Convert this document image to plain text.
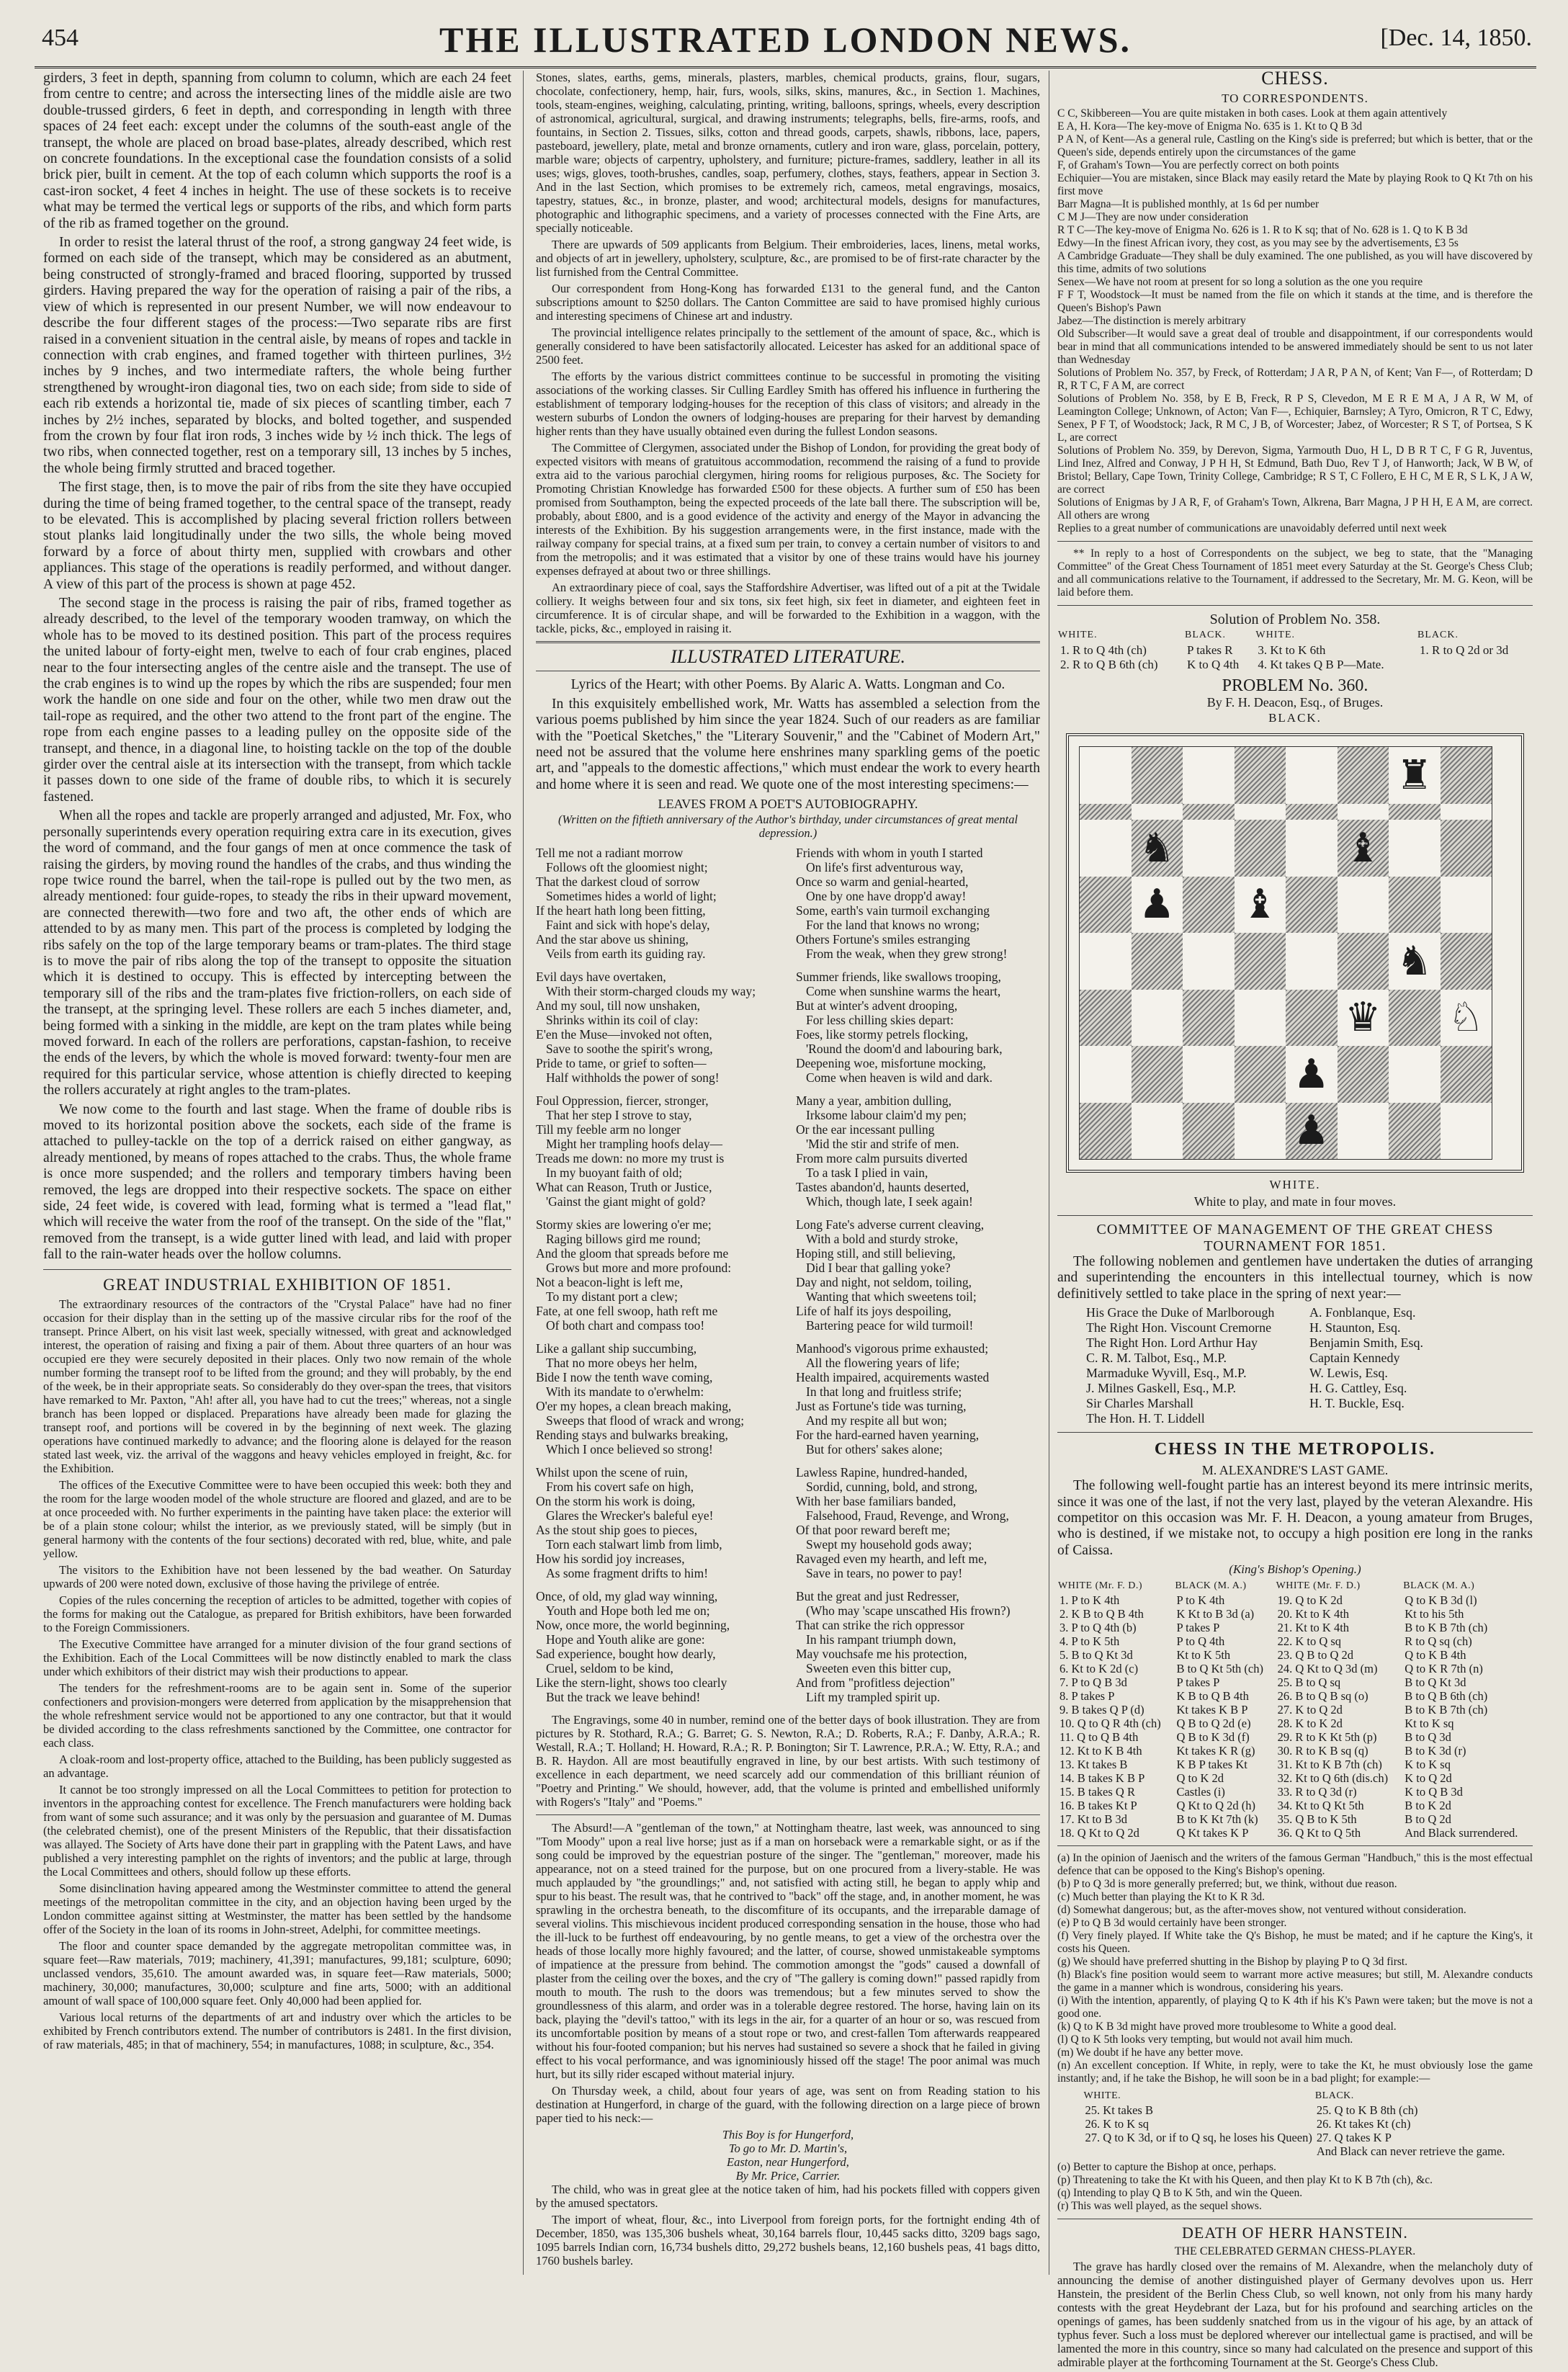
454	THE ILLUSTRATED LONDON NEWS.	[Dec. 14, 1850.

girders, 3 feet in depth, spanning from column to column, which are each 24 feet from centre to centre; and across the intersecting lines of the middle aisle are two double-trussed girders, 6 feet in depth, and corresponding in length with three spaces of 24 feet each: except under the columns of the south-east angle of the transept, the whole are placed on broad base-plates, already described, which rest on concrete foundations. In the exceptional case the foundation consists of a solid brick pier, built in cement. At the top of each column which supports the roof is a cast-iron socket, 4 feet 4 inches in height. The use of these sockets is to receive what may be termed the vertical legs or supports of the ribs, and which form parts of the rib as framed together on the ground.

In order to resist the lateral thrust of the roof, a strong gangway 24 feet wide, is formed on each side of the transept, which may be considered as an abutment, being constructed of strongly-framed and braced flooring, supported by trussed girders. Having prepared the way for the operation of raising a pair of the ribs, a view of which is represented in our present Number, we will now endeavour to describe the four different stages of the process:—Two separate ribs are first raised in a convenient situation in the central aisle, by means of ropes and tackle in connection with crab engines, and framed together with thirteen purlines, 3½ inches by 9 inches, and two intermediate rafters, the whole being further strengthened by wrought-iron diagonal ties, two on each side; from side to side of each rib extends a horizontal tie, made of six pieces of scantling timber, each 7 inches by 2½ inches, separated by blocks, and bolted together, and suspended from the crown by four flat iron rods, 3 inches wide by ½ inch thick. The legs of two ribs, when connected together, rest on a temporary sill, 13 inches by 5 inches, the whole being firmly strutted and braced together.

The first stage, then, is to move the pair of ribs from the site they have occupied during the time of being framed together, to the central space of the transept, ready to be elevated. This is accomplished by placing several friction rollers between stout planks laid longitudinally under the two sills, the whole being moved forward by a force of about thirty men, supplied with crowbars and other appliances. This stage of the operations is readily performed, and without danger. A view of this part of the process is shown at page 452.

The second stage in the process is raising the pair of ribs, framed together as already described, to the level of the temporary wooden tramway, on which the whole has to be moved to its destined position. This part of the process requires the united labour of forty-eight men, twelve to each of four crab engines, placed near to the four intersecting angles of the centre aisle and the transept. The use of the crab engines is to wind up the ropes by which the ribs are suspended; four men work the handle on one side and four on the other, while two men draw out the tail-rope as required, and the other two attend to the front part of the engine. The rope from each engine passes to a leading pulley on the opposite side of the transept, and thence, in a diagonal line, to hoisting tackle on the top of the double girder over the central aisle at its intersection with the transept, from which tackle it passes down to one side of the frame of double ribs, to which it is securely fastened.

When all the ropes and tackle are properly arranged and adjusted, Mr. Fox, who personally superintends every operation requiring extra care in its execution, gives the word of command, and the four gangs of men at once commence the task of raising the girders, by moving round the handles of the crabs, and thus winding the rope twice round the barrel, when the tail-rope is pulled out by the two men, as already mentioned: four guide-ropes, to steady the ribs in their upward movement, are connected therewith—two fore and two aft, the other ends of which are attended to by as many men. This part of the process is completed by lodging the ribs safely on the top of the large temporary beams or tram-plates. The third stage is to move the pair of ribs along the top of the transept to opposite the situation which it is destined to occupy. This is effected by intercepting between the temporary sill of the ribs and the tram-plates five friction-rollers, on each side of the transept, at the springing level. These rollers are each 5 inches diameter, and, being formed with a sinking in the middle, are kept on the tram plates while being moved forward. In each of the rollers are perforations, capstan-fashion, to receive the ends of the levers, by which the whole is moved forward: twenty-four men are required for this particular service, whose attention is chiefly directed to keeping the rollers accurately at right angles to the tram-plates.

We now come to the fourth and last stage. When the frame of double ribs is moved to its horizontal position above the sockets, each side of the frame is attached to pulley-tackle on the top of a derrick raised on either gangway, as already mentioned, by means of ropes attached to the crabs. Thus, the whole frame is once more suspended; and the rollers and temporary timbers having been removed, the legs are dropped into their respective sockets. The space on either side, 24 feet wide, is covered with lead, forming what is termed a "lead flat," which will receive the water from the roof of the transept. On the side of the "flat," removed from the transept, is a wide gutter lined with lead, and laid with proper fall to the rain-water heads over the hollow columns.

GREAT INDUSTRIAL EXHIBITION OF 1851.

The extraordinary resources of the contractors of the "Crystal Palace" have had no finer occasion for their display than in the setting up of the massive circular ribs for the roof of the transept. Prince Albert, on his visit last week, specially witnessed, with great and acknowledged interest, the operation of raising and fixing a pair of them. About three quarters of an hour was occupied ere they were securely deposited in their places. Only two now remain of the whole number forming the transept roof to be lifted from the ground; and they will probably, by the end of the week, be in their appropriate seats. So considerably do they over-span the trees, that visitors have remarked to Mr. Paxton, "Ah! after all, you have had to cut the trees;" whereas, not a single branch has been lopped or displaced. Preparations have already been made for glazing the transept roof, and portions will be covered in by the beginning of next week. The glazing operations have continued markedly to advance; and the flooring alone is delayed for the reason stated last week, viz. the arrival of the waggons and heavy vehicles employed in freight, &c. for the Exhibition.

The offices of the Executive Committee were to have been occupied this week: both they and the room for the large wooden model of the whole structure are floored and glazed, and are to be at once proceeded with. No further experiments in the painting have taken place: the exterior will be of a plain stone colour; whilst the interior, as we previously stated, will be simply (but in general harmony with the contents of the four sections) decorated with red, blue, white, and pale yellow.

The visitors to the Exhibition have not been lessened by the bad weather. On Saturday upwards of 200 were noted down, exclusive of those having the privilege of entrée.

Copies of the rules concerning the reception of articles to be admitted, together with copies of the forms for making out the Catalogue, as prepared for British exhibitors, have been forwarded to the Foreign Commissioners.

The Executive Committee have arranged for a minuter division of the four grand sections of the Exhibition. Each of the Local Committees will be now distinctly enabled to mark the class under which exhibitors of their district may wish their productions to appear.

The tenders for the refreshment-rooms are to be again sent in. Some of the superior confectioners and provision-mongers were deterred from application by the misapprehension that the whole refreshment service would not be apportioned to any one contractor, but that it would be divided according to the class refreshments sanctioned by the Committee, one contractor for each class.

A cloak-room and lost-property office, attached to the Building, has been publicly suggested as an advantage.

It cannot be too strongly impressed on all the Local Committees to petition for protection to inventors in the approaching contest for excellence. The French manufacturers were holding back from want of some such assurance; and it was only by the persuasion and guarantee of M. Dumas (the celebrated chemist), one of the present Ministers of the Republic, that their dissatisfaction was allayed. The Society of Arts have done their part in grappling with the Patent Laws, and have published a very interesting pamphlet on the rights of inventors; and the public at large, through the Local Committees and others, should follow up these efforts.

Some disinclination having appeared among the Westminster committee to attend the general meetings of the metropolitan committee in the city, and an objection having been urged by the London committee against sitting at Westminster, the matter has been settled by the handsome offer of the Society in the loan of its rooms in John-street, Adelphi, for committee meetings.

The floor and counter space demanded by the aggregate metropolitan committee was, in square feet—Raw materials, 7019; machinery, 41,391; manufactures, 99,181; sculpture, 6090; unclassed vendors, 35,610. The amount awarded was, in square feet—Raw materials, 5000; machinery, 30,000; manufactures, 30,000; sculpture and fine arts, 5000; with an additional amount of wall space of 100,000 square feet. Only 40,000 had been applied for.

Various local returns of the departments of art and industry over which the articles to be exhibited by French contributors extend. The number of contributors is 2481. In the first division, of raw materials, 485; in that of machinery, 554; in manufactures, 1088; in sculpture, &c., 354.

Stones, slates, earths, gems, minerals, plasters, marbles, chemical products, grains, flour, sugars, chocolate, confectionery, hemp, hair, furs, wools, silks, skins, manures, &c., in Section 1. Machines, tools, steam-engines, weighing, calculating, printing, writing, balloons, springs, wheels, every description of astronomical, agricultural, surgical, and drawing instruments; telegraphs, bells, fire-arms, roofs, and fountains, in Section 2. Tissues, silks, cotton and thread goods, carpets, shawls, ribbons, lace, papers, pasteboard, jewellery, plate, metal and bronze ornaments, cutlery and iron ware, glass, porcelain, pottery, marble ware; objects of carpentry, upholstery, and furniture; picture-frames, saddlery, leather in all its uses; wigs, gloves, tooth-brushes, candles, soap, perfumery, clothes, stays, feathers, appear in Section 3. And in the last Section, which promises to be extremely rich, cameos, metal engravings, mosaics, tapestry, statues, &c., in bronze, plaster, and wood; architectural models, designs for manufactures, photographic and lithographic specimens, and a variety of processes connected with the Fine Arts, are specially noticeable.

There are upwards of 509 applicants from Belgium. Their embroideries, laces, linens, metal works, and objects of art in jewellery, upholstery, sculpture, &c., are promised to be of first-rate character by the list furnished from the Central Committee.

Our correspondent from Hong-Kong has forwarded £131 to the general fund, and the Canton subscriptions amount to $250 dollars. The Canton Committee are said to have promised highly curious and interesting specimens of Chinese art and industry.

The provincial intelligence relates principally to the settlement of the amount of space, &c., which is generally considered to have been satisfactorily allocated. Leicester has asked for an additional space of 2500 feet.

The efforts by the various district committees continue to be successful in promoting the visiting associations of the working classes. Sir Culling Eardley Smith has offered his influence in furthering the establishment of temporary lodging-houses for the reception of this class of visitors; and already in the western suburbs of London the owners of lodging-houses are preparing for their harvest by demanding higher rents than they have usually obtained even during the fullest London seasons.

The Committee of Clergymen, associated under the Bishop of London, for providing the great body of expected visitors with means of gratuitous accommodation, recommend the raising of a fund to provide extra aid to the various parochial clergymen, hiring rooms for religious purposes, &c. The Society for Promoting Christian Knowledge has forwarded £500 for these objects. A further sum of £50 has been promised from Southampton, being the expected proceeds of the late ball there. The subscription will be, probably, about £800, and is a good evidence of the activity and energy of the Mayor in advancing the interests of the Exhibition. By his suggestion arrangements were, in the first instance, made with the railway company for special trains, at a fixed sum per train, to convey a certain number of visitors to and from the metropolis; and it was estimated that a visitor by one of these trains would have his journey expenses defrayed at about two or three shillings.

An extraordinary piece of coal, says the Staffordshire Advertiser, was lifted out of a pit at the Twidale colliery. It weighs between four and six tons, six feet high, six feet in diameter, and eighteen feet in circumference. It is of circular shape, and will be forwarded to the Exhibition in a waggon, with the tackle, picks, &c., employed in raising it.

ILLUSTRATED LITERATURE.

Lyrics of the Heart; with other Poems. By Alaric A. Watts. Longman and Co.

In this exquisitely embellished work, Mr. Watts has assembled a selection from the various poems published by him since the year 1824. Such of our readers as are familiar with the "Poetical Sketches," the "Literary Souvenir," and the "Cabinet of Modern Art," need not be assured that the volume here enshrines many sparkling gems of the poetic art, and "appeals to the domestic affections," which must endear the work to every hearth and home where it is seen and read. We quote one of the most interesting specimens:—

LEAVES FROM A POET'S AUTOBIOGRAPHY.
(Written on the fiftieth anniversary of the Author's birthday, under circumstances of great mental depression.)
Tell me not a radiant morrow
Follows oft the gloomiest night;
That the darkest cloud of sorrow
Sometimes hides a world of light;
If the heart hath long been fitting,
Faint and sick with hope's delay,
And the star above us shining,
Veils from earth its guiding ray.
Evil days have overtaken,
With their storm-charged clouds my way;
And my soul, till now unshaken,
Shrinks within its coil of clay:
E'en the Muse—invoked not often,
Save to soothe the spirit's wrong,
Pride to tame, or grief to soften—
Half withholds the power of song!
Foul Oppression, fiercer, stronger,
That her step I strove to stay,
Till my feeble arm no longer
Might her trampling hoofs delay—
Treads me down: no more my trust is
In my buoyant faith of old;
What can Reason, Truth or Justice,
'Gainst the giant might of gold?
Stormy skies are lowering o'er me;
Raging billows gird me round;
And the gloom that spreads before me
Grows but more and more profound:
Not a beacon-light is left me,
To my distant port a clew;
Fate, at one fell swoop, hath reft me
Of both chart and compass too!
Like a gallant ship succumbing,
That no more obeys her helm,
Bide I now the tenth wave coming,
With its mandate to o'erwhelm:
O'er my hopes, a clean breach making,
Sweeps that flood of wrack and wrong;
Rending stays and bulwarks breaking,
Which I once believed so strong!
Whilst upon the scene of ruin,
From his covert safe on high,
On the storm his work is doing,
Glares the Wrecker's baleful eye!
As the stout ship goes to pieces,
Torn each stalwart limb from limb,
How his sordid joy increases,
As some fragment drifts to him!
Once, of old, my glad way winning,
Youth and Hope both led me on;
Now, once more, the world beginning,
Hope and Youth alike are gone:
Sad experience, bought how dearly,
Cruel, seldom to be kind,
Like the stern-light, shows too clearly
But the track we leave behind!
Friends with whom in youth I started
On life's first adventurous way,
Once so warm and genial-hearted,
One by one have dropp'd away!
Some, earth's vain turmoil exchanging
For the land that knows no wrong;
Others Fortune's smiles estranging
From the weak, when they grew strong!
Summer friends, like swallows trooping,
Come when sunshine warms the heart,
But at winter's advent drooping,
For less chilling skies depart:
Foes, like stormy petrels flocking,
'Round the doom'd and labouring bark,
Deepening woe, misfortune mocking,
Come when heaven is wild and dark.
Many a year, ambition dulling,
Irksome labour claim'd my pen;
Or the ear incessant pulling
'Mid the stir and strife of men.
From more calm pursuits diverted
To a task I plied in vain,
Tastes abandon'd, haunts deserted,
Which, though late, I seek again!
Long Fate's adverse current cleaving,
With a bold and sturdy stroke,
Hoping still, and still believing,
Did I bear that galling yoke?
Day and night, not seldom, toiling,
Wanting that which sweetens toil;
Life of half its joys despoiling,
Bartering peace for wild turmoil!
Manhood's vigorous prime exhausted;
All the flowering years of life;
Health impaired, acquirements wasted
In that long and fruitless strife;
Just as Fortune's tide was turning,
And my respite all but won;
For the hard-earned haven yearning,
But for others' sakes alone;
Lawless Rapine, hundred-handed,
Sordid, cunning, bold, and strong,
With her base familiars banded,
Falsehood, Fraud, Revenge, and Wrong,
Of that poor reward bereft me;
Swept my household gods away;
Ravaged even my hearth, and left me,
Save in tears, no power to pay!
But the great and just Redresser,
(Who may 'scape unscathed His frown?)
That can strike the rich oppressor
In his rampant triumph down,
May vouchsafe me his protection,
Sweeten even this bitter cup,
And from "profitless dejection"
Lift my trampled spirit up.

The Engravings, some 40 in number, remind one of the better days of book illustration. They are from pictures by R. Stothard, R.A.; G. Barret; G. S. Newton, R.A.; D. Roberts, R.A.; F. Danby, A.R.A.; R. Westall, R.A.; T. Holland; H. Howard, R.A.; R. P. Bonington; Sir T. Lawrence, P.R.A.; W. Etty, R.A.; and B. R. Haydon. All are most beautifully engraved in line, by our best artists. With such testimony of excellence in each department, we need scarcely add our commendation of this brilliant réunion of "Poetry and Printing." We should, however, add, that the volume is printed and embellished uniformly with Rogers's "Italy" and "Poems."

The Absurd!—A "gentleman of the town," at Nottingham theatre, last week, was announced to sing "Tom Moody" upon a real live horse; just as if a man on horseback were a remarkable sight, or as if the song could be improved by the equestrian posture of the singer. The "gentleman," moreover, made his appearance, not on a steed trained for the purpose, but on one procured from a livery-stable. He was much applauded by "the groundlings;" and, not satisfied with acting still, he began to apply whip and spur to his beast. The result was, that he contrived to "back" off the stage, and, in another moment, he was sprawling in the orchestra beneath, to the discomfiture of its occupants, and the irreparable damage of several violins. This mischievous incident produced corresponding sensation in the house, those who had the ill-luck to be furthest off endeavouring, by no gentle means, to get a view of the orchestra over the heads of those locally more highly favoured; and the latter, of course, showed unmistakeable symptoms of impatience at the pressure from behind. The commotion amongst the "gods" caused a downfall of plaster from the ceiling over the boxes, and the cry of "The gallery is coming down!" passed rapidly from mouth to mouth. The rush to the doors was tremendous; but a few minutes served to show the groundlessness of this alarm, and order was in a tolerable degree restored. The horse, having lain on its back, playing the "devil's tattoo," with its legs in the air, for a quarter of an hour or so, was rescued from its uncomfortable position by means of a stout rope or two, and crest-fallen Tom afterwards reappeared without his four-footed companion; but his nerves had sustained so severe a shock that he failed in giving effect to his vocal performance, and was ignominiously hissed off the stage! The poor animal was much hurt, but its silly rider escaped without material injury.

On Thursday week, a child, about four years of age, was sent on from Reading station to his destination at Hungerford, in charge of the guard, with the following direction on a large piece of brown paper tied to his neck:—

This Boy is for Hungerford,
To go to Mr. D. Martin's,
Easton, near Hungerford,
By Mr. Price, Carrier.

The child, who was in great glee at the notice taken of him, had his pockets filled with coppers given by the amused spectators.

The import of wheat, flour, &c., into Liverpool from foreign ports, for the fortnight ending 4th of December, 1850, was 135,306 bushels wheat, 30,164 barrels flour, 10,445 sacks ditto, 3209 bags sago, 1095 barrels Indian corn, 16,734 bushels ditto, 29,272 bushels beans, 12,160 bushels peas, 41 bags ditto, 1760 bushels barley.

CHESS.
TO CORRESPONDENTS.
C C, Skibbereen—You are quite mistaken in both cases. Look at them again attentively
E A, H. Kora—The key-move of Enigma No. 635 is 1. Kt to Q B 3d
P A N, of Kent—As a general rule, Castling on the King's side is preferred; but which is better, that or the Queen's side, depends entirely upon the circumstances of the game
F, of Graham's Town—You are perfectly correct on both points
Echiquier—You are mistaken, since Black may easily retard the Mate by playing Rook to Q Kt 7th on his first move
Barr Magna—It is published monthly, at 1s 6d per number
C M J—They are now under consideration
R T C—The key-move of Enigma No. 626 is 1. R to K sq; that of No. 628 is 1. Q to K B 3d
Edwy—In the finest African ivory, they cost, as you may see by the advertisements, £3 5s
A Cambridge Graduate—They shall be duly examined. The one published, as you will have discovered by this time, admits of two solutions
Senex—We have not room at present for so long a solution as the one you require
F F T, Woodstock—It must be named from the file on which it stands at the time, and is therefore the Queen's Bishop's Pawn
Jabez—The distinction is merely arbitrary
Old Subscriber—It would save a great deal of trouble and disappointment, if our correspondents would bear in mind that all communications intended to be answered immediately should be sent to us not later than Wednesday
Solutions of Problem No. 357, by Freck, of Rotterdam; J A R, P A N, of Kent; Van F—, of Rotterdam; D R, R T C, F A M, are correct
Solutions of Problem No. 358, by E B, Freck, R P S, Clevedon, M E R E M A, J A R, W M, of Leamington College; Unknown, of Acton; Van F—, Echiquier, Barnsley; A Tyro, Omicron, R T C, Edwy, Senex, P F T, of Woodstock; Jack, R M C, J B, of Worcester; Jabez, of Worcester; R S T, of Portsea, S K L, are correct
Solutions of Problem No. 359, by Derevon, Sigma, Yarmouth Duo, H L, D B R T C, F G R, Juventus, Lind Inez, Alfred and Conway, J P H H, St Edmund, Bath Duo, Rev T J, of Hanworth; Jack, W B W, of Bristol; Bellary, Cape Town, Trinity College, Cambridge; R S T, C Follero, E H C, M E R, S L K, J A W, are correct
Solutions of Enigmas by J A R, F, of Graham's Town, Alkrena, Barr Magna, J P H H, E A M, are correct. All others are wrong
Replies to a great number of communications are unavoidably deferred until next week

** In reply to a host of Correspondents on the subject, we beg to state, that the "Managing Committee" of the Great Chess Tournament of 1851 meet every Saturday at the St. George's Chess Club; and all communications relative to the Tournament, if addressed to the Secretary, Mr. M. G. Keon, will be laid before them.

Solution of Problem No. 358.
WHITE.	BLACK.	WHITE.	BLACK.
1. R to Q 4th (ch)	P takes R	3. Kt to K 6th	1. R to Q 2d or 3d
2. R to Q B 6th (ch)	K to Q 4th	4. Kt takes Q B P—Mate.	
PROBLEM No. 360.
By F. H. Deacon, Esq., of Bruges.
BLACK.
♜
♞	♝
♟ ♝
♞
♛ ♘
♟
♟
WHITE.
White to play, and mate in four moves.
COMMITTEE OF MANAGEMENT OF THE GREAT CHESS TOURNAMENT FOR 1851.

The following noblemen and gentlemen have undertaken the duties of arranging and superintending the encounters in this intellectual tourney, which is now definitively settled to take place in the spring of next year:—

His Grace the Duke of Marlborough
The Right Hon. Viscount Cremorne
The Right Hon. Lord Arthur Hay
C. R. M. Talbot, Esq., M.P.
Marmaduke Wyvill, Esq., M.P.
J. Milnes Gaskell, Esq., M.P.
Sir Charles Marshall
The Hon. H. T. Liddell
A. Fonblanque, Esq.
H. Staunton, Esq.
Benjamin Smith, Esq.
Captain Kennedy
W. Lewis, Esq.
H. G. Cattley, Esq.
H. T. Buckle, Esq.
CHESS IN THE METROPOLIS.
M. ALEXANDRE'S LAST GAME.

The following well-fought partie has an interest beyond its mere intrinsic merits, since it was one of the last, if not the very last, played by the veteran Alexandre. His competitor on this occasion was Mr. F. H. Deacon, a young amateur from Bruges, who is destined, if we mistake not, to occupy a high position ere long in the ranks of Caissa.

(King's Bishop's Opening.)
WHITE (Mr. F. D.)	BLACK (M. A.)	WHITE (Mr. F. D.)	BLACK (M. A.)
1. P to K 4th	P to K 4th	19. Q to K 2d	Q to K B 3d (l)
2. K B to Q B 4th	K Kt to B 3d (a)	20. Kt to K 4th	Kt to his 5th
3. P to Q 4th (b)	P takes P	21. Kt to K 4th	B to K B 7th (ch)
4. P to K 5th	P to Q 4th	22. K to Q sq	R to Q sq (ch)
5. B to Q Kt 3d	Kt to K 5th	23. Q B to Q 2d	Q to K B 4th
6. Kt to K 2d (c)	B to Q Kt 5th (ch)	24. Q Kt to Q 3d (m)	Q to K R 7th (n)
7. P to Q B 3d	P takes P	25. B to Q sq	B to Q Kt 3d
8. P takes P	K B to Q B 4th	26. B to Q B sq (o)	B to Q B 6th (ch)
9. B takes Q P (d)	Kt takes K B P	27. K to Q 2d	B to K B 7th (ch)
10. Q to Q R 4th (ch)	Q B to Q 2d (e)	28. K to K 2d	Kt to K sq
11. Q to Q B 4th	Q B to K 3d (f)	29. R to K Kt 5th (p)	B to Q 3d
12. Kt to K B 4th	Kt takes K R (g)	30. R to K B sq (q)	B to K 3d (r)
13. Kt takes B	K B P takes Kt	31. Kt to K B 7th (ch)	K to K sq
14. B takes K B P	Q to K 2d	32. Kt to Q 6th (dis.ch)	K to Q 2d
15. B takes Q R	Castles (i)	33. R to Q 3d (r)	K to Q B 3d
16. B takes Kt P	Q Kt to Q 2d (h)	34. Kt to Q Kt 5th	B to K 2d
17. Kt to B 3d	B to K Kt 7th (k)	35. Q B to K 5th	B to Q 2d
18. Q Kt to Q 2d	Q Kt takes K P	36. Q Kt to Q 5th	And Black surrendered.
(a) In the opinion of Jaenisch and the writers of the famous German "Handbuch," this is the most effectual defence that can be opposed to the King's Bishop's opening.
(b) P to Q 3d is more generally preferred; but, we think, without due reason.
(c) Much better than playing the Kt to K R 3d.
(d) Somewhat dangerous; but, as the after-moves show, not ventured without consideration.
(e) P to Q B 3d would certainly have been stronger.
(f) Very finely played. If White take the Q's Bishop, he must be mated; and if he capture the King's, it costs his Queen.
(g) We should have preferred shutting in the Bishop by playing P to Q 3d first.
(h) Black's fine position would seem to warrant more active measures; but still, M. Alexandre conducts the game in a manner which is wondrous, considering his years.
(i) With the intention, apparently, of playing Q to K 4th if his K's Pawn were taken; but the move is not a good one.
(k) Q to K B 3d might have proved more troublesome to White a good deal.
(l) Q to K 5th looks very tempting, but would not avail him much.
(m) We doubt if he have any better move.
(n) An excellent conception. If White, in reply, were to take the Kt, he must obviously lose the game instantly; and, if he take the Bishop, he will soon be in a bad plight; for example:—
WHITE.	BLACK.
25. Kt takes B	25. Q to K B 8th (ch)
26. K to K sq	26. Kt takes Kt (ch)
27. Q to K 3d, or if to Q sq, he loses his Queen)	27. Q takes K P
	And Black can never retrieve the game.
(o) Better to capture the Bishop at once, perhaps.
(p) Threatening to take the Kt with his Queen, and then play Kt to K B 7th (ch), &c.
(q) Intending to play Q B to K 5th, and win the Queen.
(r) This was well played, as the sequel shows.
DEATH OF HERR HANSTEIN.
THE CELEBRATED GERMAN CHESS-PLAYER.

The grave has hardly closed over the remains of M. Alexandre, when the melancholy duty of announcing the demise of another distinguished player of Germany devolves upon us. Herr Hanstein, the president of the Berlin Chess Club, so well known, not only from his many hardy contests with the great Heydebrant der Laza, but for his profound and searching articles on the openings of games, has been suddenly snatched from us in the vigour of his age, by an attack of typhus fever. Such a loss must be deplored wherever our intellectual game is practised, and will be lamented the more in this country, since so many had calculated on the presence and support of this admirable player at the forthcoming Tournament at the St. George's Chess Club.
